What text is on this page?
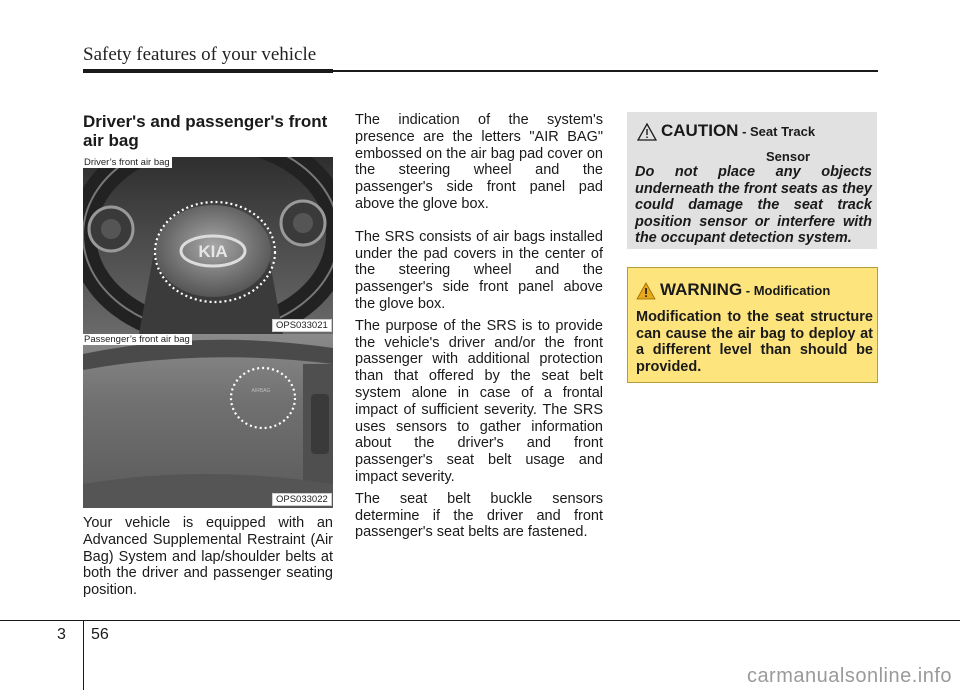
Safety features of your vehicle
Driver's and passenger's front air bag
KIA
Driver’s front air bag
OPS033021
AIRBAG
Passenger’s front air bag
OPS033022

Your vehicle is equipped with an Advanced Supplemental Restraint (Air Bag) System and lap/shoulder belts at both the driver and passenger seating position.

The indication of the system's presence are the letters "AIR BAG" embossed on the air bag pad cover on the steering wheel and the passenger's side front panel pad above the glove box.

The SRS consists of air bags installed under the pad covers in the center of the steering wheel and the passenger's side front panel above the glove box.

The purpose of the SRS is to provide the vehicle's driver and/or the front passenger with additional protection than that offered by the seat belt system alone in case of a frontal impact of sufficient severity. The SRS uses sensors to gather information about the driver's and front passenger's seat belt usage and impact severity.

The seat belt buckle sensors determine if the driver and front passenger's seat belts are fastened.

CAUTION - Seat Track
Sensor
Do not place any objects underneath the front seats as they could damage the seat track position sensor or interfere with the occupant detection system.
WARNING - Modification
Modification to the seat structure can cause the air bag to deploy at a different level than should be provided.
3 56
carmanualsonline.info
